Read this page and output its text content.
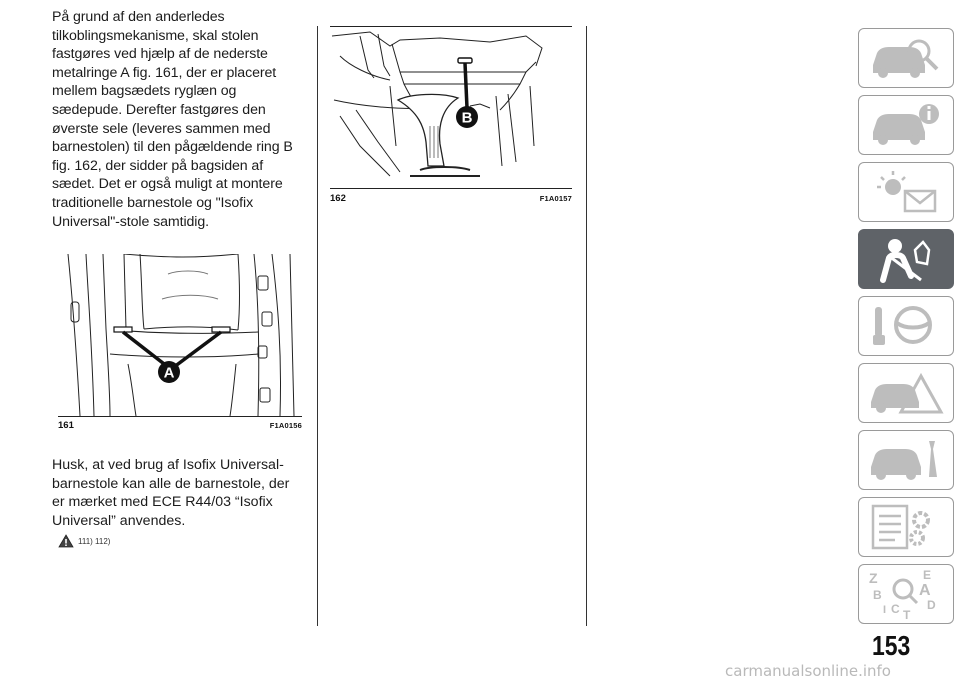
På grund af den anderledes tilkoblingsmekanisme, skal stolen fastgøres ved hjælp af de nederste metalringe A fig. 161, der er placeret mellem bagsædets ryglæn og sædepude. Derefter fastgøres den øverste sele (leveres sammen med barnestolen) til den pågældende ring B fig. 162, der sidder på bagsiden af sædet. Det er også muligt at montere traditionelle barnestole og "Isofix Universal"-stole samtidig.

A
161	F1A0156
Husk, at ved brug af Isofix Universal-barnestole kan alle de barnestole, der er mærket med ECE R44/03 “Isofix Universal” anvendes.
111) 112)
B
162	F1A0157
Z	E
A
B
D
I C T
153
carmanualsonline.info
